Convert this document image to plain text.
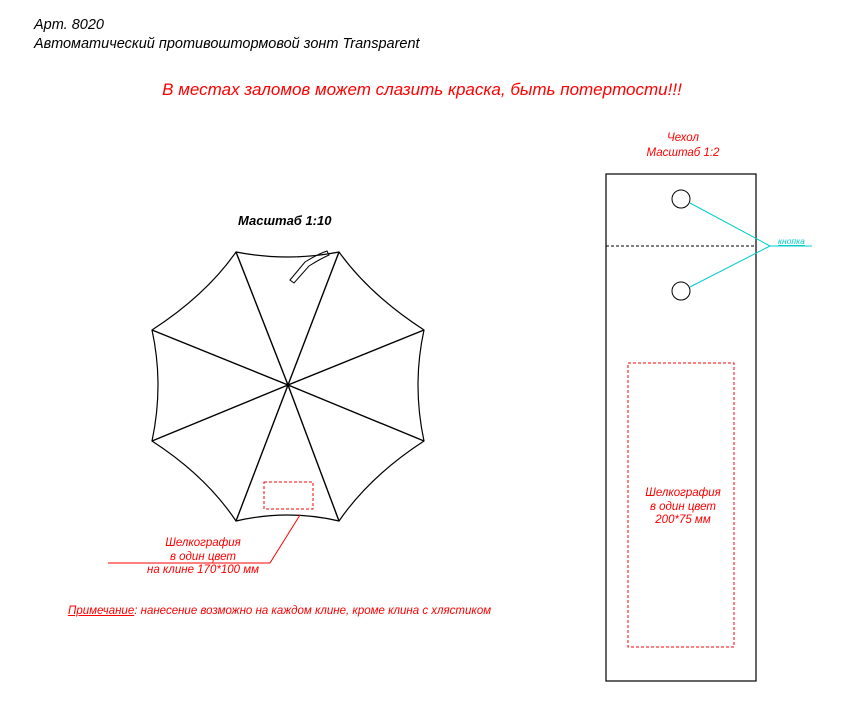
Арт. 8020

Автоматический противоштормовой зонт Transparent

В местах заломов может слазить краска, быть потертости!!!

Масштаб 1:10

Чехол
Масштаб 1:2

кнопка

Шелкография
в один цвет
на клине 170*100 мм
Шелкография
в один цвет
200*75 мм

Примечание: нанесение возможно на каждом клине, кроме клина с хлястиком
